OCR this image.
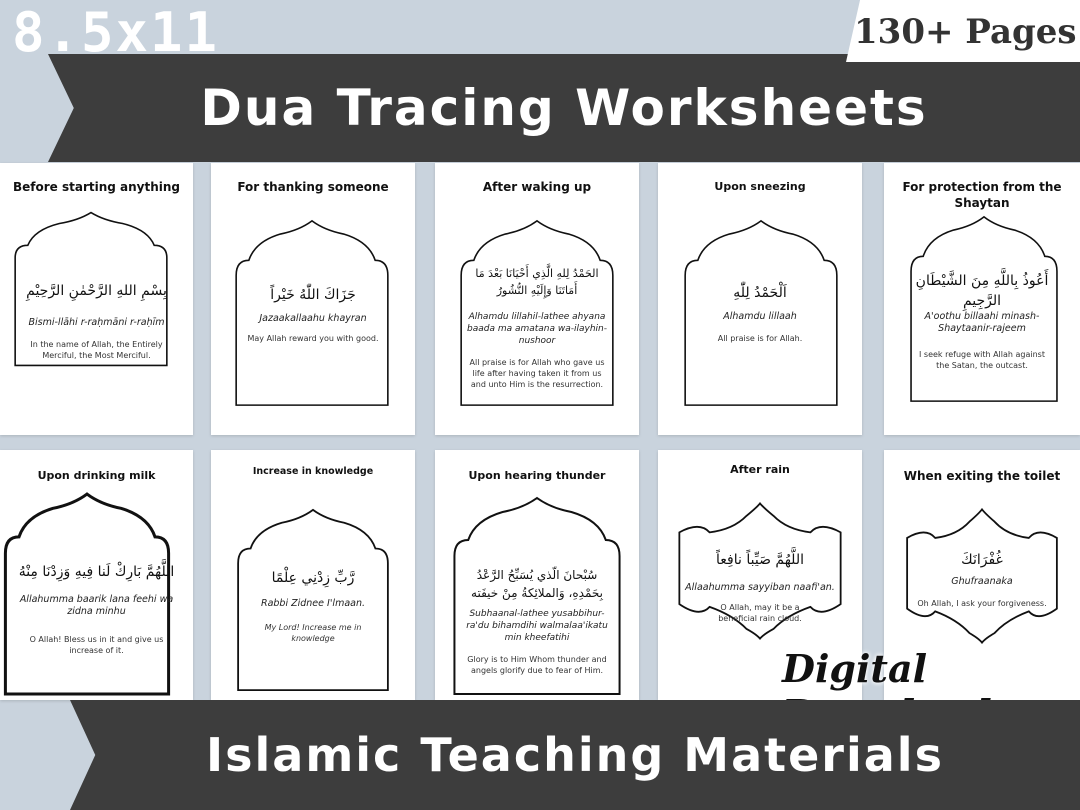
Dua Tracing Worksheets
8.5x11	130+ Pages
Before starting anything
بِسْمِ اللهِ الرَّحْمٰنِ الرَّحِيْمِ
Bismi-llāhi r-raḥmāni r-raḥīm
In the name of Allah, the Entirely Merciful, the Most Merciful.
For thanking someone
جَزَاكَ اللّٰهُ خَيْراً
Jazaakallaahu khayran
May Allah reward you with good.
After waking up
الحَمْدُ لِلهِ الَّذِي أَحْيَانَا بَعْدَ مَا أَمَاتَنَا وَإِلَيْهِ النُّشُورُ
Alhamdu lillahil-lathee ahyana baada ma amatana wa-ilayhin-nushoor
All praise is for Allah who gave us life after having taken it from us and unto Him is the resurrection.
Upon sneezing
اَلْحَمْدُ لِلّٰهِ
Alhamdu lillaah
All praise is for Allah.
For protection from the Shaytan
أَعُوذُ بِاللَّهِ مِنَ الشَّيْطَانِ الرَّجِيمِ
A'oothu billaahi minash-Shaytaanir-rajeem
I seek refuge with Allah against the Satan, the outcast.
Upon drinking milk
اللَّهُمَّ بَارِكْ لَنا فِيهِ وَزِدْنَا مِنْهُ
Allahumma baarik lana feehi wa zidna minhu
O Allah! Bless us in it and give us increase of it.
Increase in knowledge
رَّبِّ زِدْنِي عِلْمًا
Rabbi Zidnee I'lmaan.
My Lord! Increase me in knowledge
Upon hearing thunder
سُبْحانَ الّذي يُسَبِّحُ الرَّعْدُ بِحَمْدِهِ، وَالملائِكةُ مِنْ خيفَته
Subhaanal-lathee yusabbihur-ra'du bihamdihi walmalaa'ikatu min kheefatihi
Glory is to Him Whom thunder and angels glorify due to fear of Him.
After rain
اللَّهُمَّ صَيِّباً نافِعاً
Allaahumma sayyiban naafi'an.
O Allah, may it be a beneficial rain cloud.
When exiting the toilet
غُفْرَانَكَ
Ghufraanaka
Oh Allah, I ask your forgiveness.
Digital
Islamic Teaching Materials
